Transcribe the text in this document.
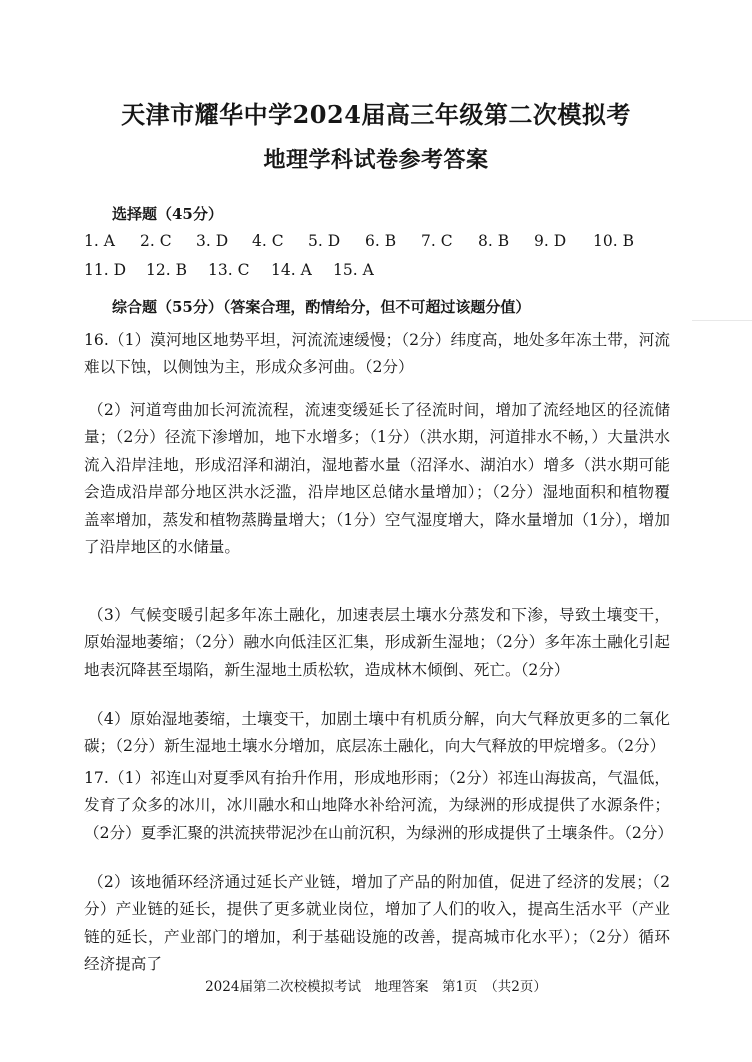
天津市耀华中学2024届高三年级第二次模拟考
地理学科试卷参考答案
选择题（45分）
1. A 2. C 3. D 4. C 5. D 6. B 7. C 8. B 9. D 10. B
11. D 12. B 13. C 14. A 15. A
综合题（55分）（答案合理，酌情给分，但不可超过该题分值）
16.（1）漠河地区地势平坦，河流流速缓慢；（2分）纬度高，地处多年冻土带，河流难以下蚀，以侧蚀为主，形成众多河曲。（2分）
（2）河道弯曲加长河流流程，流速变缓延长了径流时间，增加了流经地区的径流储量；（2分）径流下渗增加，地下水增多；（1分）（洪水期，河道排水不畅，）大量洪水流入沿岸洼地，形成沼泽和湖泊，湿地蓄水量（沼泽水、湖泊水）增多（洪水期可能会造成沿岸部分地区洪水泛滥，沿岸地区总储水量增加）；（2分）湿地面积和植物覆盖率增加，蒸发和植物蒸腾量增大；（1分）空气湿度增大，降水量增加（1分），增加了沿岸地区的水储量。
（3）气候变暖引起多年冻土融化，加速表层土壤水分蒸发和下渗，导致土壤变干，原始湿地萎缩；（2分）融水向低洼区汇集，形成新生湿地；（2分）多年冻土融化引起地表沉降甚至塌陷，新生湿地土质松软，造成林木倾倒、死亡。（2分）
（4）原始湿地萎缩，土壤变干，加剧土壤中有机质分解，向大气释放更多的二氧化碳；（2分）新生湿地土壤水分增加，底层冻土融化，向大气释放的甲烷增多。（2分）
17.（1）祁连山对夏季风有抬升作用，形成地形雨；（2分）祁连山海拔高，气温低，发育了众多的冰川，冰川融水和山地降水补给河流，为绿洲的形成提供了水源条件；（2分）夏季汇聚的洪流挟带泥沙在山前沉积，为绿洲的形成提供了土壤条件。（2分）
（2）该地循环经济通过延长产业链，增加了产品的附加值，促进了经济的发展；（2分）产业链的延长，提供了更多就业岗位，增加了人们的收入，提高生活水平（产业链的延长，产业部门的增加，利于基础设施的改善，提高城市化水平）；（2分）循环经济提高了
2024届第二次校模拟考试　地理答案　第1页　（共2页）
